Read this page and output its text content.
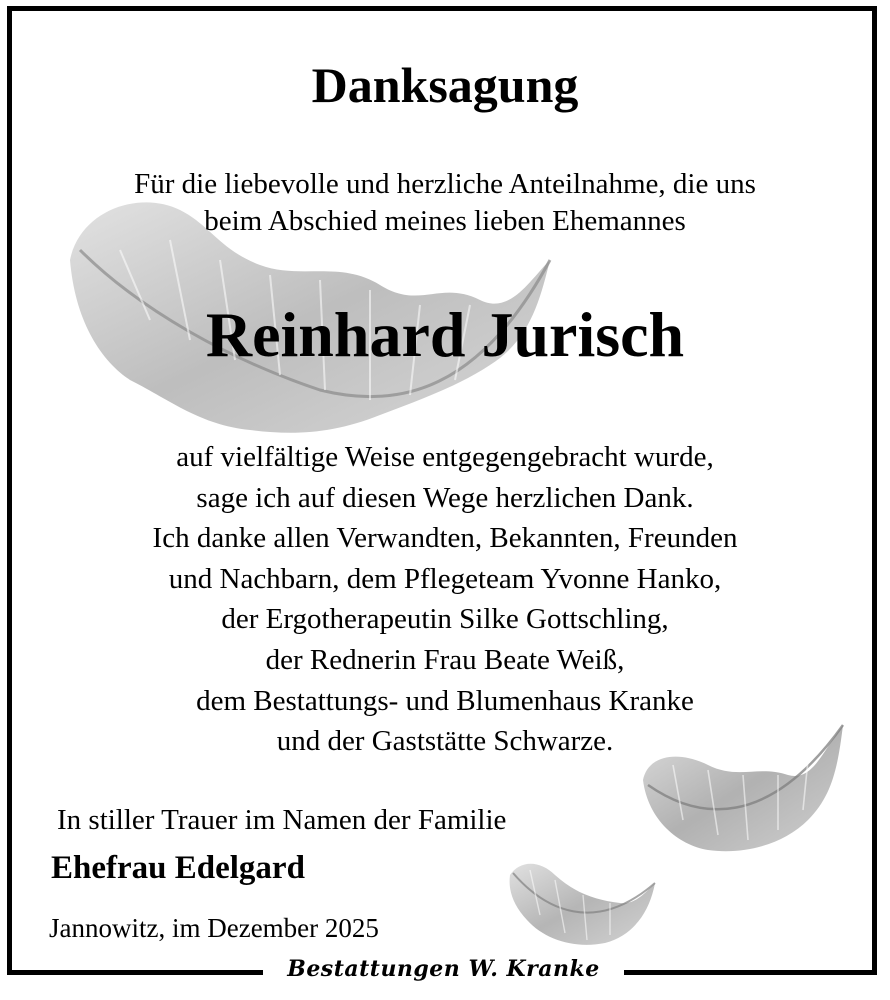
Danksagung
Für die liebevolle und herzliche Anteilnahme, die uns
beim Abschied meines lieben Ehemannes
Reinhard Jurisch
auf vielfältige Weise entgegengebracht wurde,
sage ich auf diesen Wege herzlichen Dank.
Ich danke allen Verwandten, Bekannten, Freunden
und Nachbarn, dem Pflegeteam Yvonne Hanko,
der Ergotherapeutin Silke Gottschling,
der Rednerin Frau Beate Weiß,
dem Bestattungs- und Blumenhaus Kranke
und der Gaststätte Schwarze.
In stiller Trauer im Namen der Familie
Ehefrau Edelgard
Jannowitz, im Dezember 2025
Bestattungen W. Kranke
